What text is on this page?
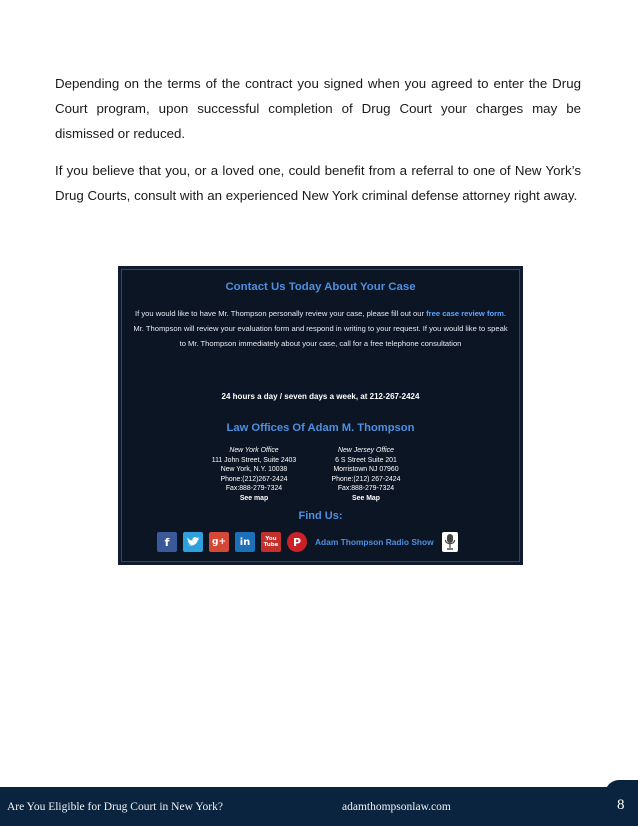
Depending on the terms of the contract you signed when you agreed to enter the Drug Court program, upon successful completion of Drug Court your charges may be dismissed or reduced.

If you believe that you, or a loved one, could benefit from a referral to one of New York’s Drug Courts, consult with an experienced New York criminal defense attorney right away.

Contact Us Today About Your Case
If you would like to have Mr. Thompson personally review your case, please fill out our free case review form. Mr. Thompson will review your evaluation form and respond in writing to your request. If you would like to speak to Mr. Thompson immediately about your case, call for a free telephone consultation
24 hours a day / seven days a week, at 212-267-2424
Law Offices Of Adam M. Thompson
New York Office
111 John Street, Suite 2403
New York, N.Y. 10038
Phone:(212)267-2424
Fax:888-279-7324
See map
New Jersey Office
6 S Street Suite 201
Morristown NJ 07960
Phone:(212) 267-2424
Fax:888-279-7324
See Map
Find Us:
f	g+	in	You Tube	P	Adam Thompson Radio Show
Are You Eligible for Drug Court in New York?	adamthompsonlaw.com	8
